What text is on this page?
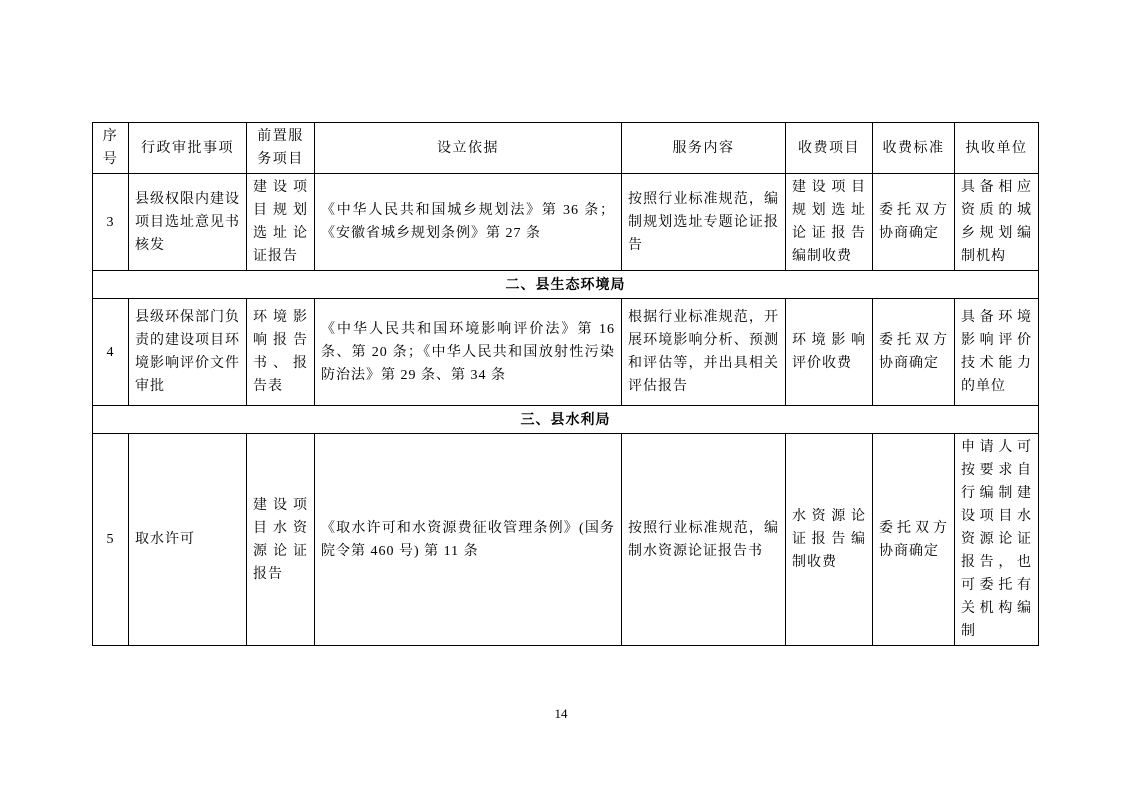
序号	行政审批事项	前置服务项目	设立依据	服务内容	收费项目	收费标准	执收单位
3	县级权限内建设项目选址意见书核发	建设项目规划选址论证报告	《中华人民共和国城乡规划法》第 36 条；《安徽省城乡规划条例》第 27 条	按照行业标准规范，编制规划选址专题论证报告	建设项目规划选址论证报告编制收费	委托双方协商确定	具备相应资质的城乡规划编制机构
二、县生态环境局							
4	县级环保部门负责的建设项目环境影响评价文件审批	环境影响报告书、报告表	《中华人民共和国环境影响评价法》第 16 条、第 20 条；《中华人民共和国放射性污染防治法》第 29 条、第 34 条	根据行业标准规范，开展环境影响分析、预测和评估等，并出具相关评估报告	环境影响评价收费	委托双方协商确定	具备环境影响评价技术能力的单位
三、县水利局							
5	取水许可	建设项目水资源论证报告	《取水许可和水资源费征收管理条例》(国务院令第 460 号) 第 11 条	按照行业标准规范，编制水资源论证报告书	水资源论证报告编制收费	委托双方协商确定	申请人可按要求自行编制建设项目水资源论证报告，也可委托有关机构编制
14
